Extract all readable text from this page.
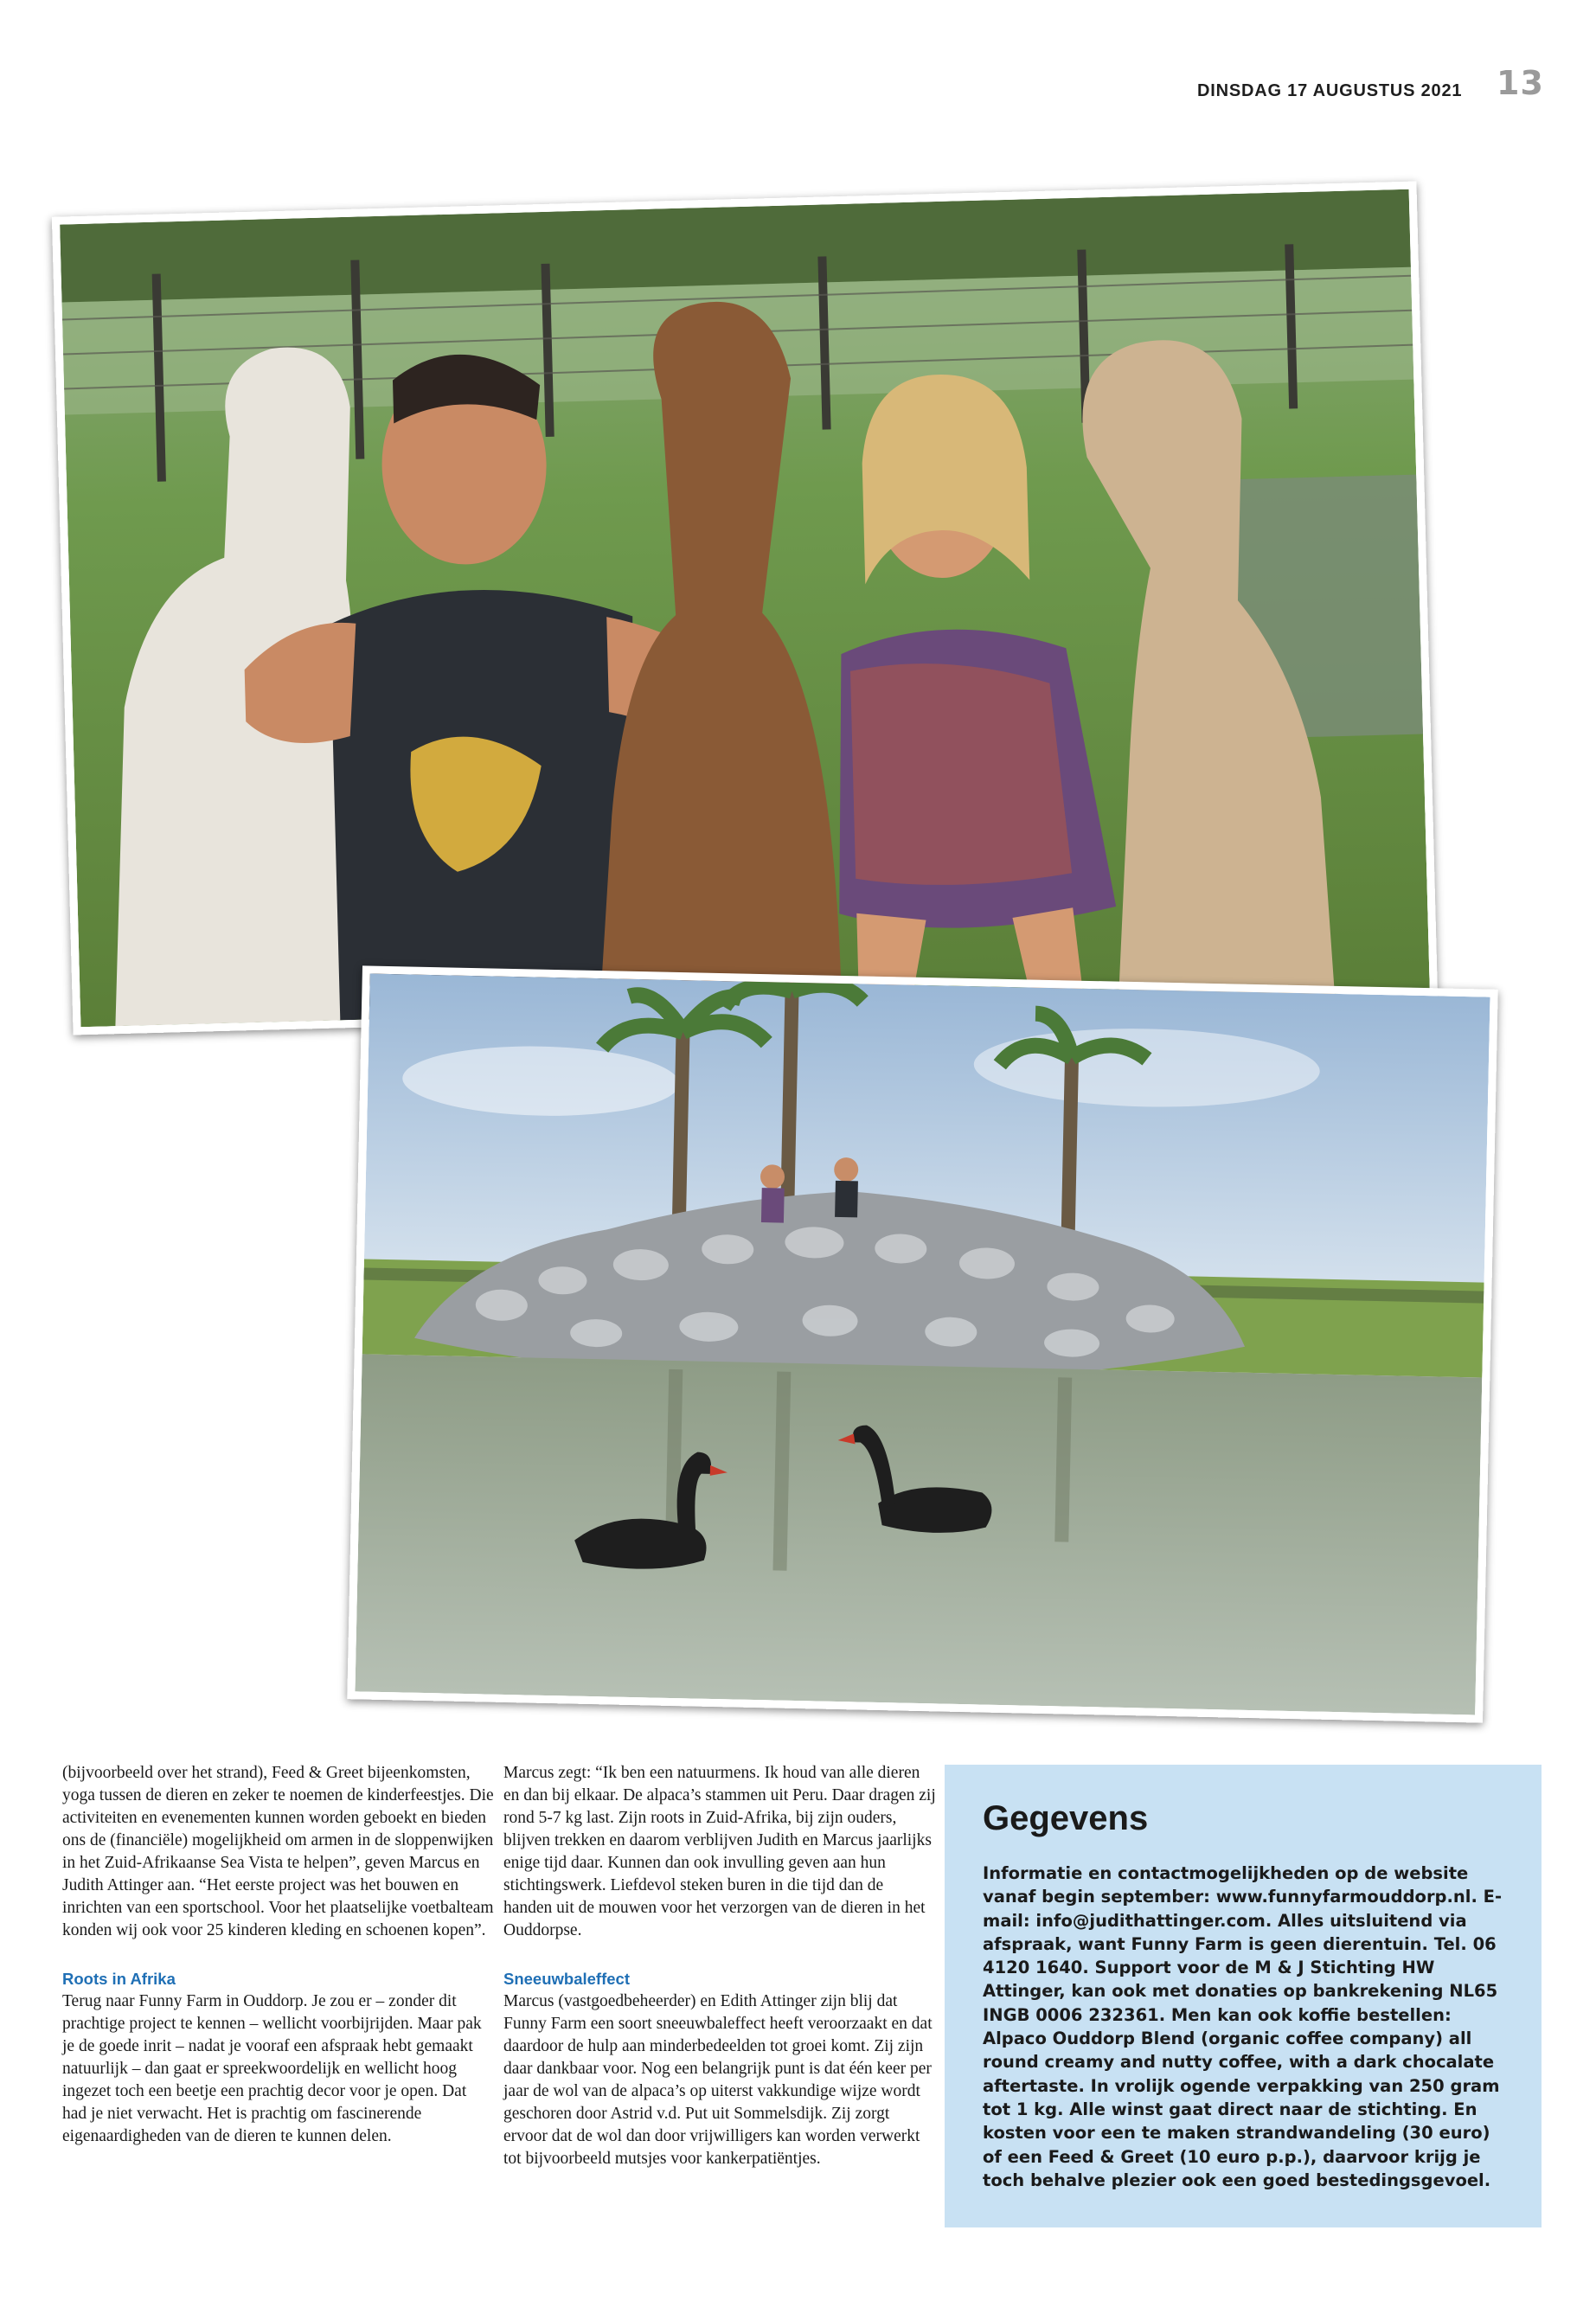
DINSDAG 17 AUGUSTUS 2021 13

(bijvoorbeeld over het strand), Feed & Greet bijeenkomsten, yoga tussen de dieren en zeker te noemen de kinderfeestjes. Die activiteiten en evenementen kunnen worden geboekt en bieden ons de (financiële) mogelijkheid om armen in de sloppenwijken in het Zuid-Afrikaanse Sea Vista te helpen”, geven Marcus en Judith Attinger aan. “Het eerste project was het bouwen en inrichten van een sportschool. Voor het plaatselijke voetbalteam konden wij ook voor 25 kinderen kleding en schoenen kopen”.

Roots in Afrika

Terug naar Funny Farm in Ouddorp. Je zou er – zonder dit prachtige project te kennen – wellicht voorbijrijden. Maar pak je de goede inrit – nadat je vooraf een afspraak hebt gemaakt natuurlijk – dan gaat er spreekwoordelijk en wellicht hoog ingezet toch een beetje een prachtig decor voor je open. Dat had je niet verwacht. Het is prachtig om fascinerende eigenaardigheden van de dieren te kunnen delen.

Marcus zegt: “Ik ben een natuurmens. Ik houd van alle dieren en dan bij elkaar. De alpaca’s stammen uit Peru. Daar dragen zij rond 5-7 kg last. Zijn roots in Zuid-Afrika, bij zijn ouders, blijven trekken en daarom verblijven Judith en Marcus jaarlijks enige tijd daar. Kunnen dan ook invulling geven aan hun stichtingswerk. Liefdevol steken buren in die tijd dan de handen uit de mouwen voor het verzorgen van de dieren in het Ouddorpse.

Sneeuwbaleffect

Marcus (vastgoedbeheerder) en Edith Attinger zijn blij dat Funny Farm een soort sneeuwbaleffect heeft veroorzaakt en dat daardoor de hulp aan minderbedeelden tot groei komt. Zij zijn daar dankbaar voor. Nog een belangrijk punt is dat één keer per jaar de wol van de alpaca’s op uiterst vakkundige wijze wordt geschoren door Astrid v.d. Put uit Sommelsdijk. Zij zorgt ervoor dat de wol dan door vrijwilligers kan worden verwerkt tot bijvoorbeeld mutsjes voor kankerpatiëntjes.

Gegevens
Informatie en contactmogelijkheden op de website vanaf begin september: www.funnyfarmouddorp.nl. E-mail: info@judithattinger.com. Alles uitsluitend via afspraak, want Funny Farm is geen dierentuin. Tel. 06 4120 1640. Support voor de M & J Stichting HW Attinger, kan ook met donaties op bankrekening NL65 INGB 0006 232361. Men kan ook koffie bestellen: Alpaco Ouddorp Blend (organic coffee company) all round creamy and nutty coffee, with a dark chocalate aftertaste. In vrolijk ogende verpakking van 250 gram tot 1 kg. Alle winst gaat direct naar de stichting. En kosten voor een te maken strandwandeling (30 euro) of een Feed & Greet (10 euro p.p.), daarvoor krijg je toch behalve plezier ook een goed bestedingsgevoel.
